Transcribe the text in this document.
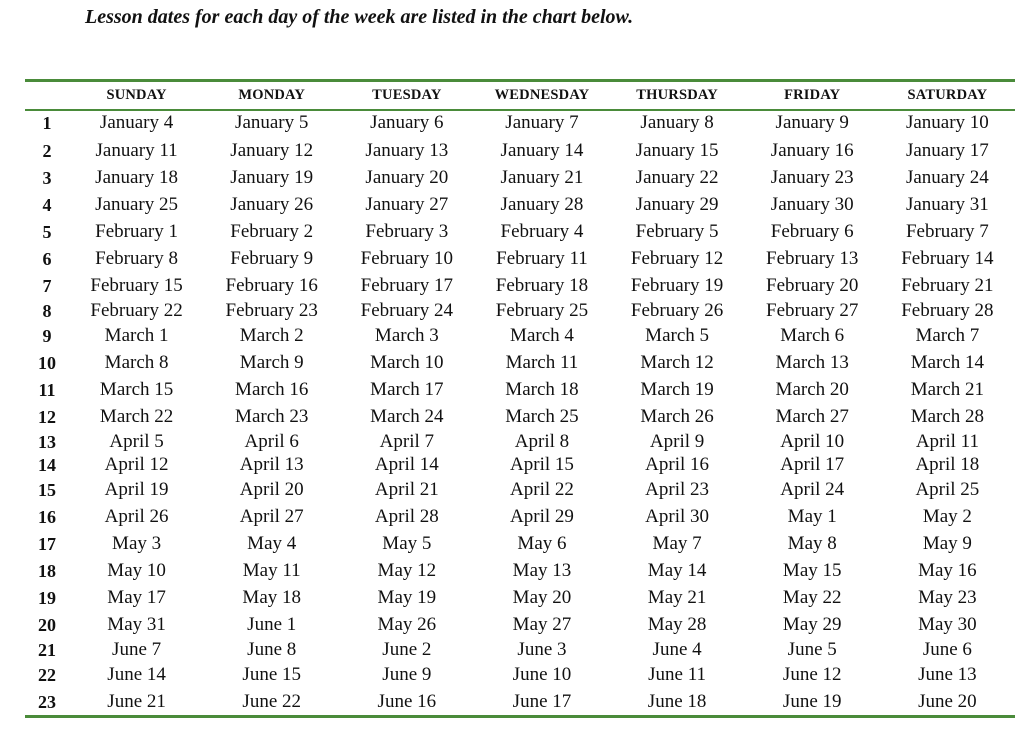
Lesson dates for each day of the week are listed in the chart below.
	SUNDAY	MONDAY	TUESDAY	WEDNESDAY	THURSDAY	FRIDAY	SATURDAY
1	January 4	January 5	January 6	January 7	January 8	January 9	January 10
2	January 11	January 12	January 13	January 14	January 15	January 16	January 17
3	January 18	January 19	January 20	January 21	January 22	January 23	January 24
4	January 25	January 26	January 27	January 28	January 29	January 30	January 31
5	February 1	February 2	February 3	February 4	February 5	February 6	February 7
6	February 8	February 9	February 10	February 11	February 12	February 13	February 14
7	February 15	February 16	February 17	February 18	February 19	February 20	February 21
8	February 22	February 23	February 24	February 25	February 26	February 27	February 28
9	March 1	March 2	March 3	March 4	March 5	March 6	March 7
10	March 8	March 9	March 10	March 11	March 12	March 13	March 14
11	March 15	March 16	March 17	March 18	March 19	March 20	March 21
12	March 22	March 23	March 24	March 25	March 26	March 27	March 28
13	April 5	April 6	April 7	April 8	April 9	April 10	April 11
14	April 12	April 13	April 14	April 15	April 16	April 17	April 18
15	April 19	April 20	April 21	April 22	April 23	April 24	April 25
16	April 26	April 27	April 28	April 29	April 30	May 1	May 2
17	May 3	May 4	May 5	May 6	May 7	May 8	May 9
18	May 10	May 11	May 12	May 13	May 14	May 15	May 16
19	May 17	May 18	May 19	May 20	May 21	May 22	May 23
20	May 31	June 1	May 26	May 27	May 28	May 29	May 30
21	June 7	June 8	June 2	June 3	June 4	June 5	June 6
22	June 14	June 15	June 9	June 10	June 11	June 12	June 13
23	June 21	June 22	June 16	June 17	June 18	June 19	June 20
